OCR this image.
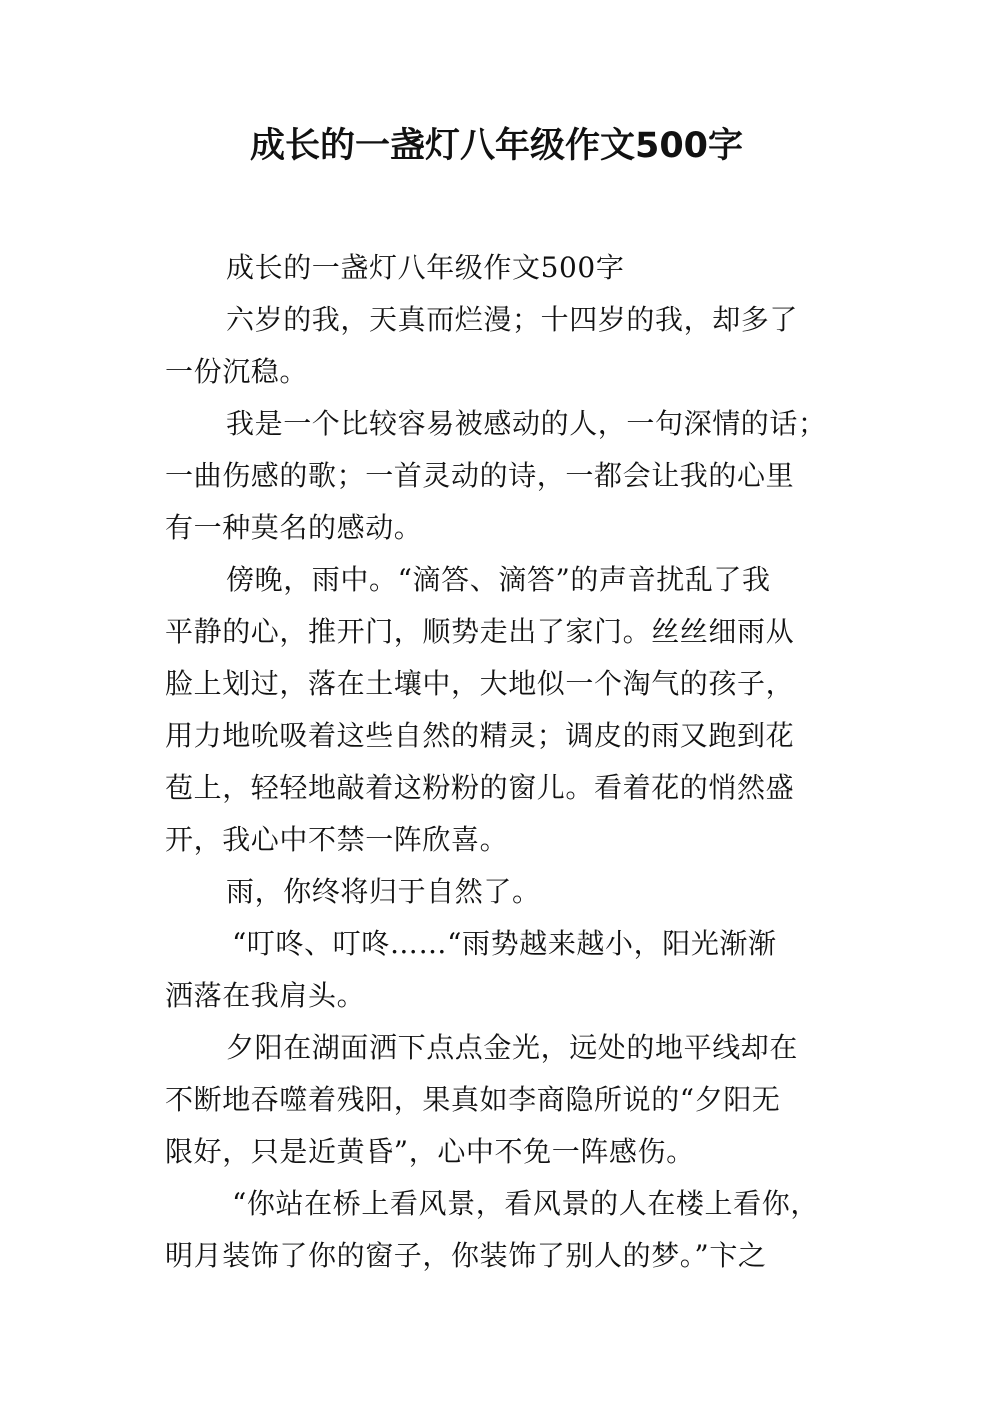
成长的一盏灯八年级作文500字
成长的一盏灯八年级作文500字
六岁的我，天真而烂漫；十四岁的我，却多了
一份沉稳。
我是一个比较容易被感动的人，一句深情的话；
一曲伤感的歌；一首灵动的诗，一都会让我的心里
有一种莫名的感动。
傍晚，雨中。“滴答、滴答”的声音扰乱了我
平静的心，推开门，顺势走出了家门。丝丝细雨从
脸上划过，落在土壤中，大地似一个淘气的孩子，
用力地吮吸着这些自然的精灵；调皮的雨又跑到花
苞上，轻轻地敲着这粉粉的窗儿。看着花的悄然盛
开，我心中不禁一阵欣喜。
雨，你终将归于自然了。
“叮咚、叮咚……“雨势越来越小，阳光渐渐
洒落在我肩头。
夕阳在湖面洒下点点金光，远处的地平线却在
不断地吞噬着残阳，果真如李商隐所说的“夕阳无
限好，只是近黄昏”，心中不免一阵感伤。
“你站在桥上看风景，看风景的人在楼上看你，
明月装饰了你的窗子，你装饰了别人的梦。”卞之
